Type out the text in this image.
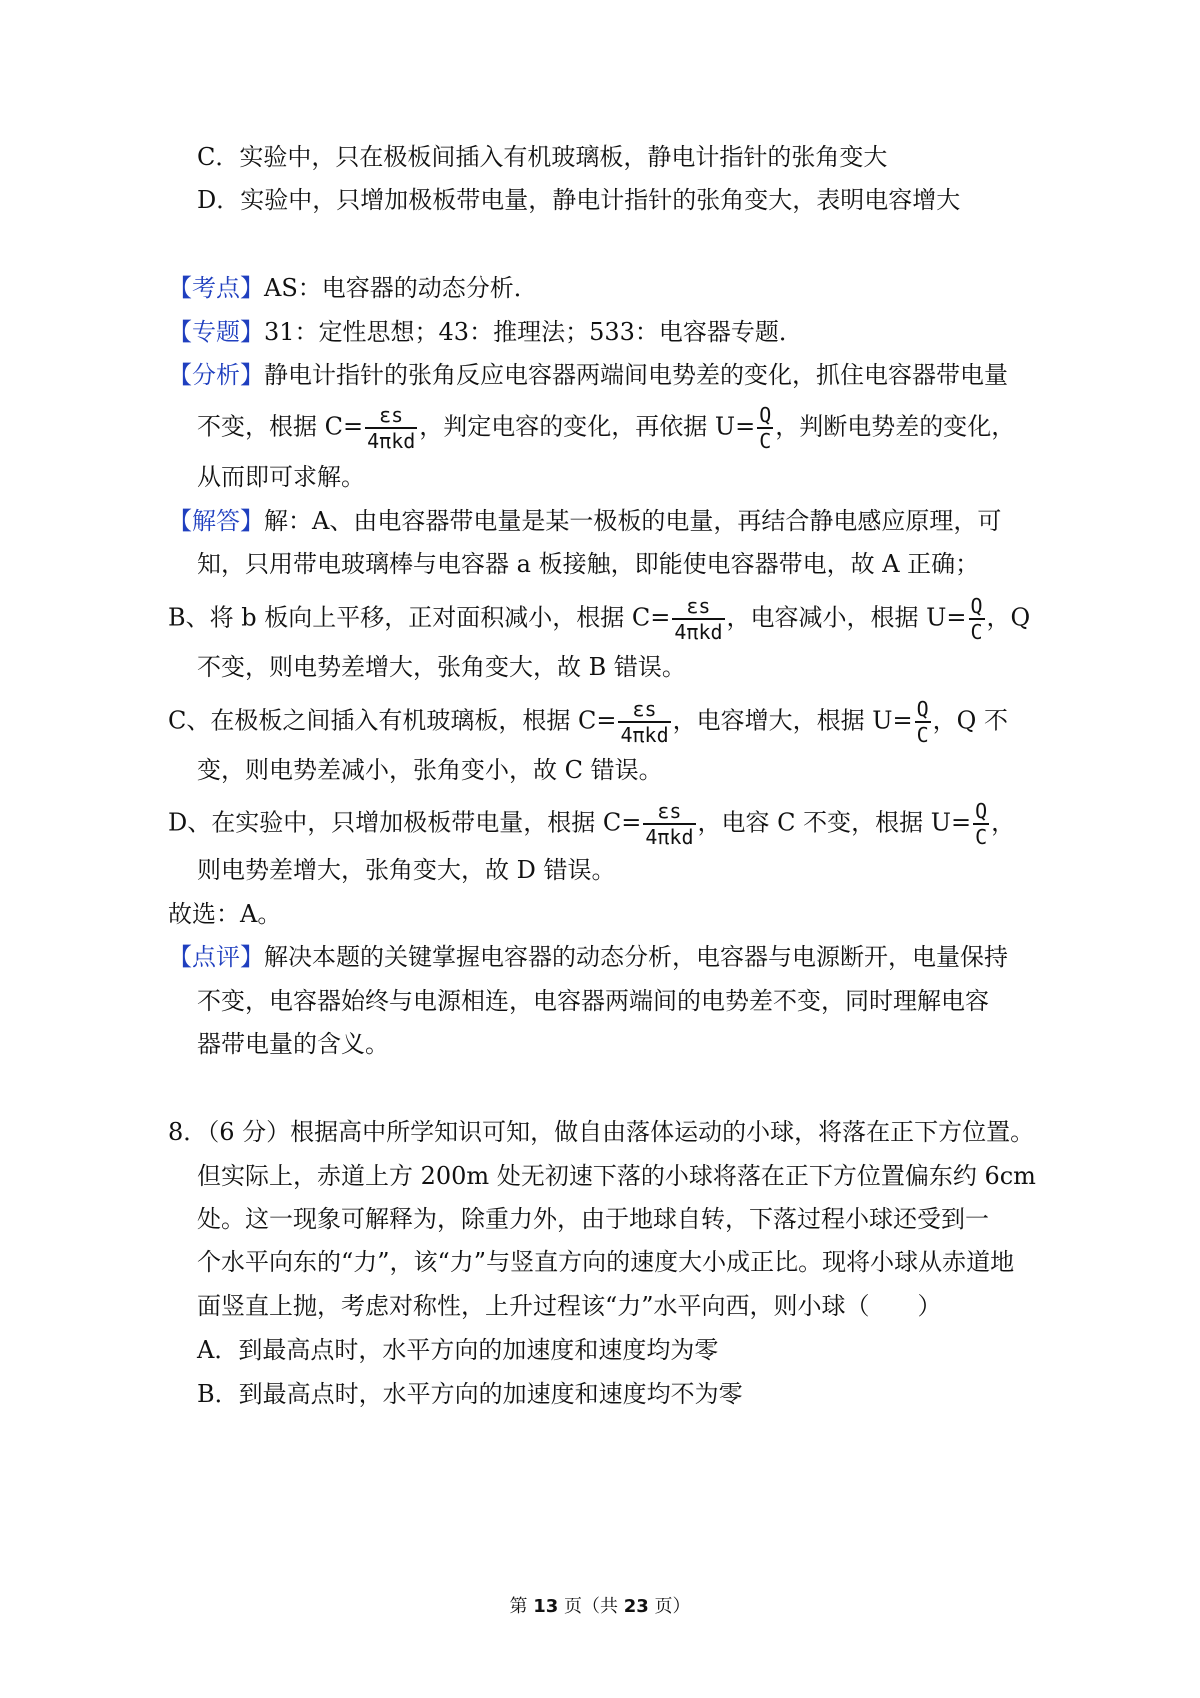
C．实验中，只在极板间插入有机玻璃板，静电计指针的张角变大
D．实验中，只增加极板带电量，静电计指针的张角变大，表明电容增大
【考点】AS：电容器的动态分析．
【专题】31：定性思想；43：推理法；533：电容器专题．
【分析】静电计指针的张角反应电容器两端间电势差的变化，抓住电容器带电量
不变，根据 $C= \frac{\varepsilon s}{\text{4πkd}}$ ，判定电容的变化，再依据 $U= \frac{Q}{C}$ ，判断电势差的变化，
从而即可求解。
【解答】解：A、由电容器带电量是某一极板的电量，再结合静电感应原理，可
知，只用带电玻璃棒与电容器 a 板接触，即能使电容器带电，故 A 正确；
B、将 b 板向上平移，正对面积减小，根据 $C= \frac{\varepsilon s}{\text{4πkd}}$ ，电容减小，根据 $U= \frac{Q}{C}$ ，Q
不变，则电势差增大，张角变大，故 B 错误。
C、在极板之间插入有机玻璃板，根据 $C= \frac{\varepsilon s}{\text{4πkd}}$ ，电容增大，根据 $U= \frac{Q}{C}$ ，Q 不
变，则电势差减小，张角变小，故 C 错误。
D、在实验中，只增加极板带电量，根据 $C= \frac{\varepsilon s}{\text{4πkd}}$ ，电容 C 不变，根据 $U= \frac{Q}{C}$ ，
则电势差增大，张角变大，故 D 错误。
故选：A。
【点评】解决本题的关键掌握电容器的动态分析，电容器与电源断开，电量保持
不变，电容器始终与电源相连，电容器两端间的电势差不变，同时理解电容
器带电量的含义。
8．（6 分）根据高中所学知识可知，做自由落体运动的小球，将落在正下方位置。
但实际上，赤道上方 200m 处无初速下落的小球将落在正下方位置偏东约 6cm
处。这一现象可解释为，除重力外，由于地球自转，下落过程小球还受到一
个水平向东的“力”，该“力”与竖直方向的速度大小成正比。现将小球从赤道地
面竖直上抛，考虑对称性，上升过程该“力”水平向西，则小球（　　）
A．到最高点时，水平方向的加速度和速度均为零
B．到最高点时，水平方向的加速度和速度均不为零
第 13 页（共 23 页）
